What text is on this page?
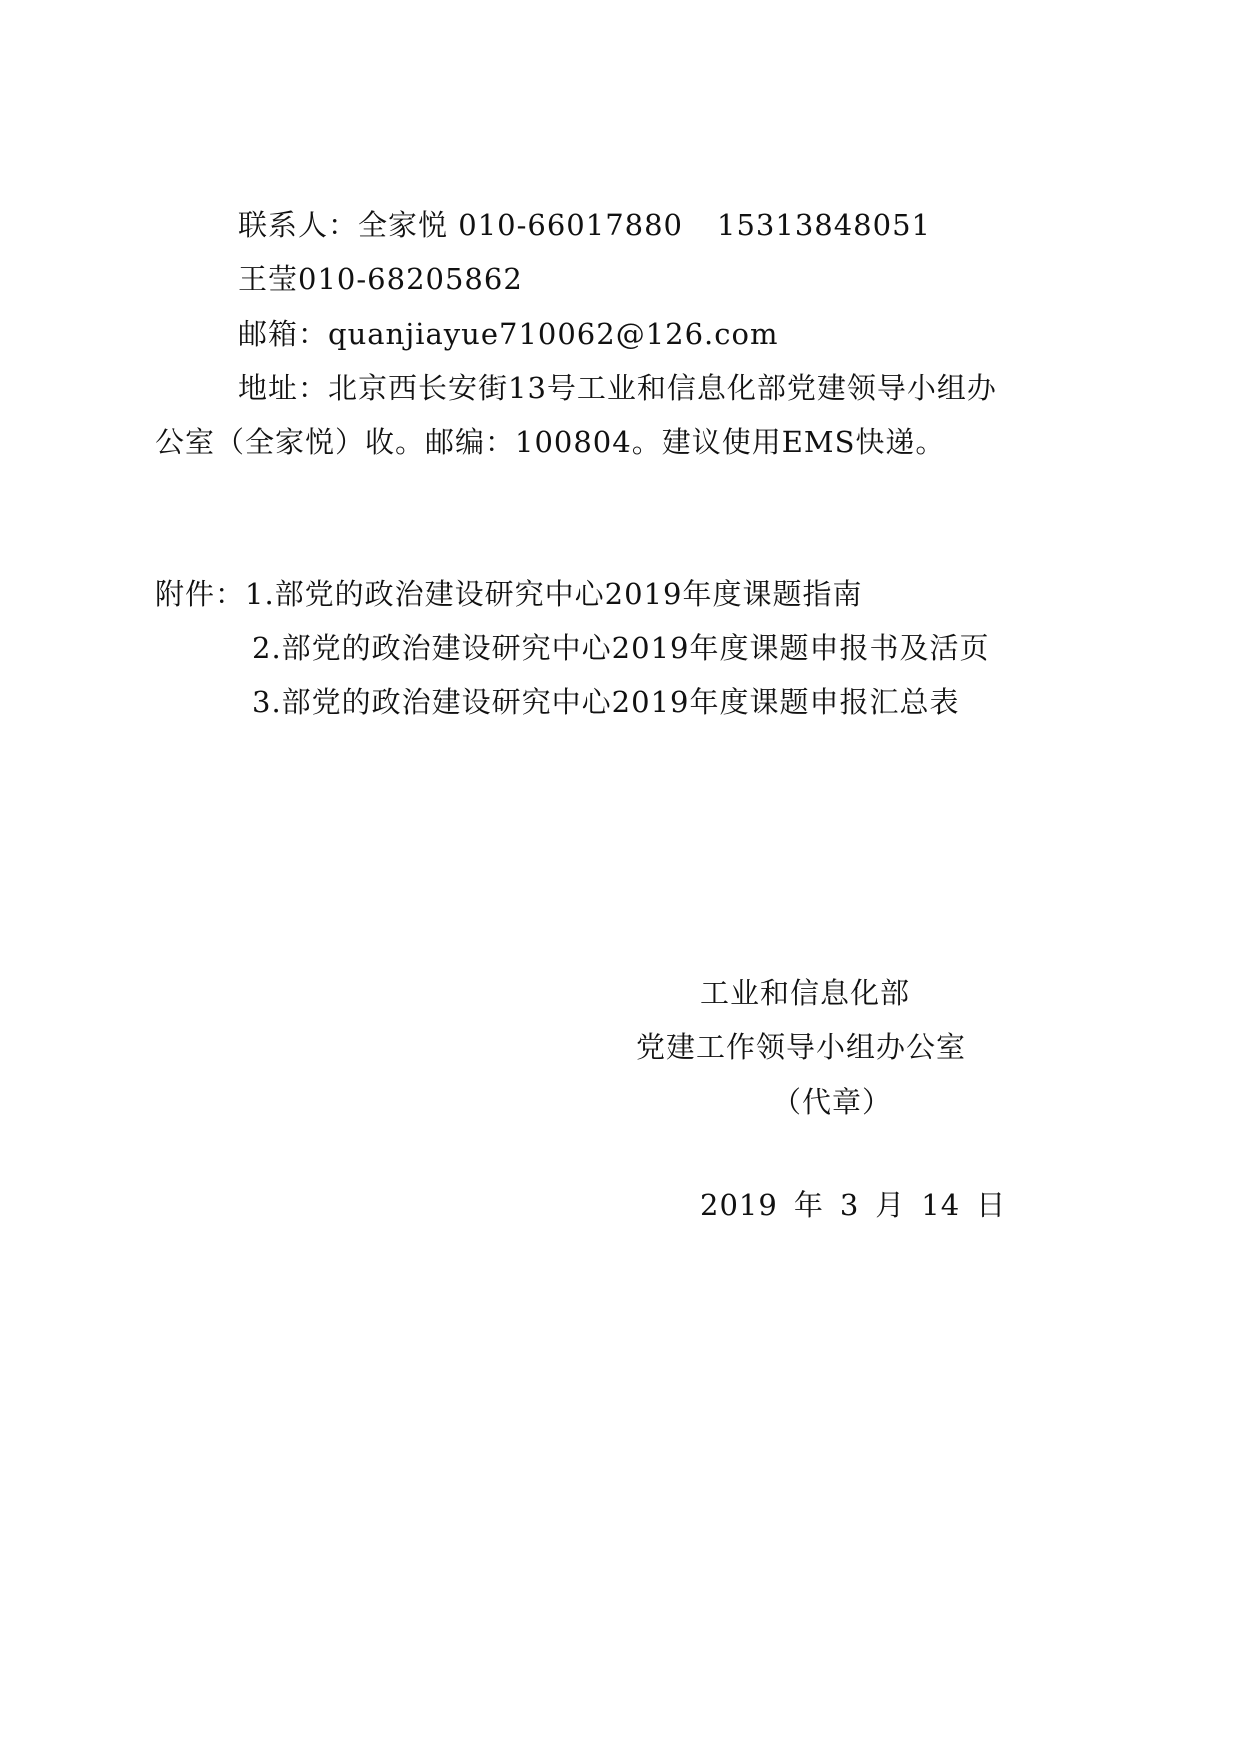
联系人：全家悦 010-66017880 15313848051
王莹010-68205862
邮箱：quanjiayue710062@126.com
地址：北京西长安街13号工业和信息化部党建领导小组办
公室（全家悦）收。邮编：100804。建议使用EMS快递。
附件：1.部党的政治建设研究中心2019年度课题指南
2.部党的政治建设研究中心2019年度课题申报书及活页
3.部党的政治建设研究中心2019年度课题申报汇总表
工业和信息化部
党建工作领导小组办公室
（代章）
2019 年 3 月 14 日
